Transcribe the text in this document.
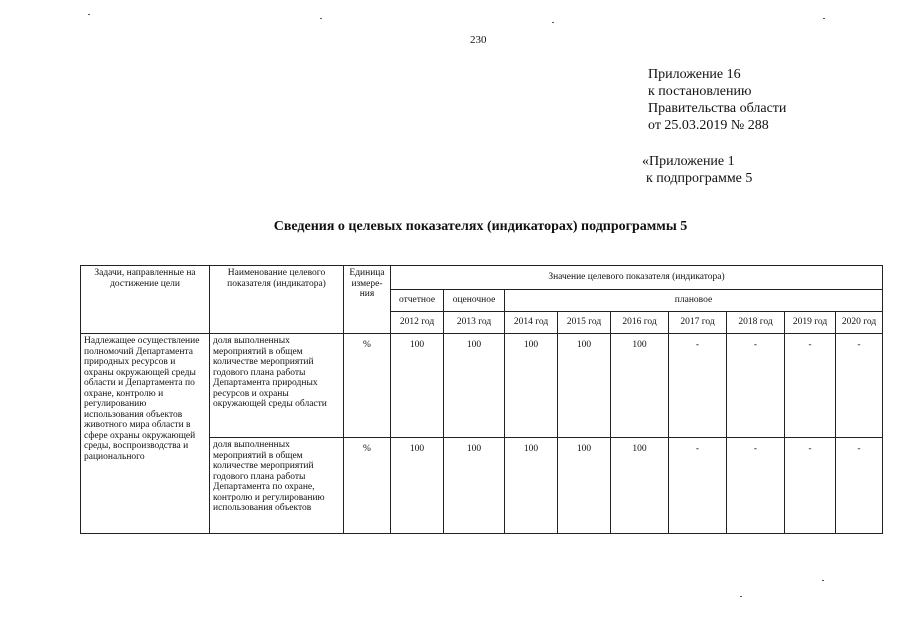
230
Приложение 16
к постановлению
Правительства области
от 25.03.2019 № 288
«Приложение 1
к подпрограмме 5
Сведения о целевых показателях (индикаторах) подпрограммы 5
Задачи, направленные на достижение цели	Наименование целевого показателя (индикатора)	Единица измере-ния	Значение целевого показателя (индикатора)								
			отчетное	оценочное	плановое						
			2012 год	2013 год	2014 год	2015 год	2016 год	2017 год	2018 год	2019 год	2020 год
Надлежащее осуществление полномочий Департамента природных ресурсов и охраны окружающей среды области и Департамента по охране, контролю и регулированию использования объектов животного мира области в сфере охраны окружающей среды, воспроизводства и рационального	доля выполненных мероприятий в общем количестве мероприятий годового плана работы Департамента природных ресурсов и охраны окружающей среды области	%	100	100	100	100	100	-	-	-	-
	доля выполненных мероприятий в общем количестве мероприятий годового плана работы Департамента по охране, контролю и регулированию использования объектов	%	100	100	100	100	100	-	-	-	-
